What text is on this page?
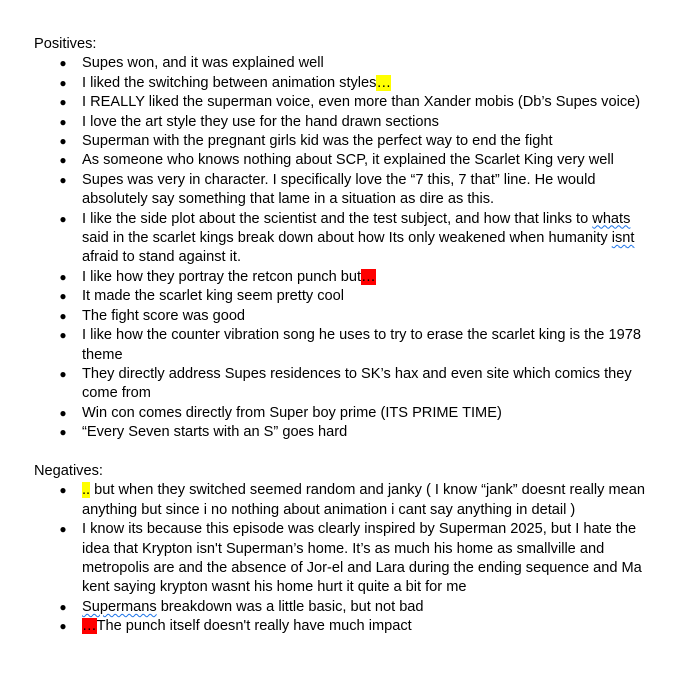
Positives:

● Supes won, and it was explained well
● I liked the switching between animation styles…
● I REALLY liked the superman voice, even more than Xander mobis (Db’s Supes voice)
● I love the art style they use for the hand drawn sections
● Superman with the pregnant girls kid was the perfect way to end the fight
● As someone who knows nothing about SCP, it explained the Scarlet King very well
● Supes was very in character. I specifically love the “7 this, 7 that” line. He would absolutely say something that lame in a situation as dire as this.
● I like the side plot about the scientist and the test subject, and how that links to whats said in the scarlet kings break down about how Its only weakened when humanity isnt afraid to stand against it.
● I like how they portray the retcon punch but…
● It made the scarlet king seem pretty cool
● The fight score was good
● I like how the counter vibration song he uses to try to erase the scarlet king is the 1978 theme
● They directly address Supes residences to SK’s hax and even site which comics they come from
● Win con comes directly from Super boy prime (ITS PRIME TIME)
● “Every Seven starts with an S” goes hard

Negatives:

● .. but when they switched seemed random and janky ( I know “jank” doesnt really mean anything but since i no nothing about animation i cant say anything in detail )
● I know its because this episode was clearly inspired by Superman 2025, but I hate the idea that Krypton isn't Superman’s home. It’s as much his home as smallville and metropolis are and the absence of Jor-el and Lara during the ending sequence and Ma kent saying krypton wasnt his home hurt it quite a bit for me
● Supermans breakdown was a little basic, but not bad
● …The punch itself doesn't really have much impact
